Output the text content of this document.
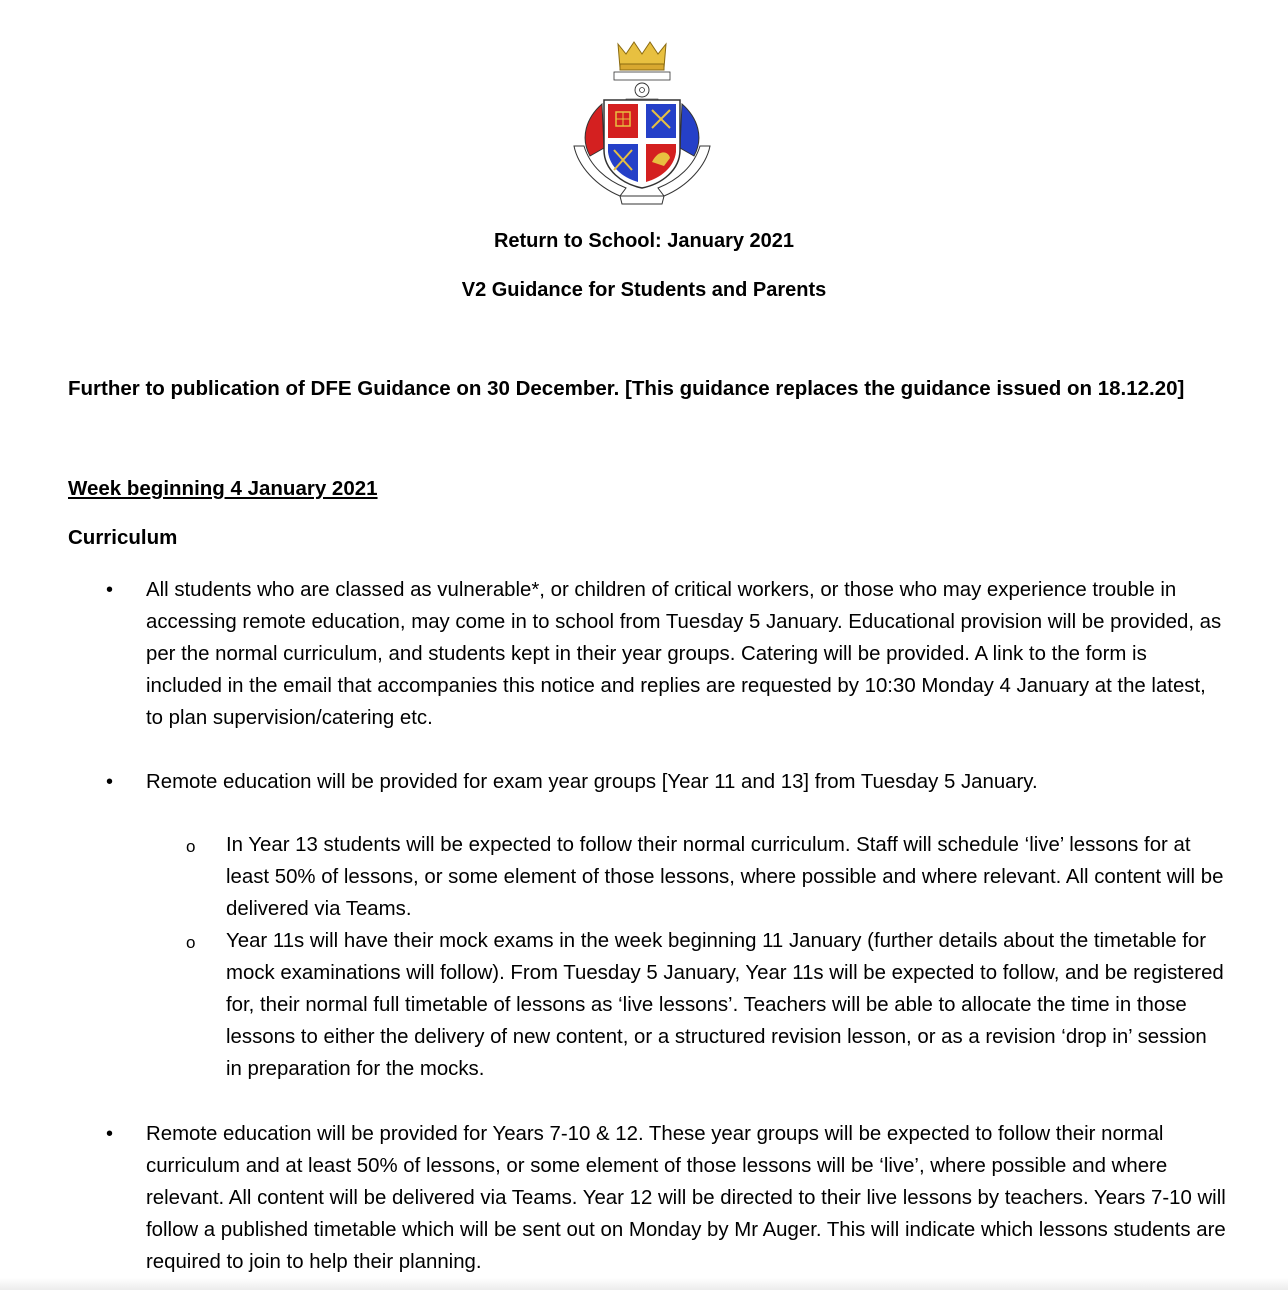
Return to School: January 2021
V2 Guidance for Students and Parents
Further to publication of DFE Guidance on 30 December. [This guidance replaces the guidance issued on 18.12.20]
Week beginning 4 January 2021
Curriculum
• All students who are classed as vulnerable*, or children of critical workers, or those who may experience trouble in accessing remote education, may come in to school from Tuesday 5 January. Educational provision will be provided, as per the normal curriculum, and students kept in their year groups. Catering will be provided. A link to the form is included in the email that accompanies this notice and replies are requested by 10:30 Monday 4 January at the latest, to plan supervision/catering etc.

• Remote education will be provided for exam year groups [Year 11 and 13] from Tuesday 5 January.

o In Year 13 students will be expected to follow their normal curriculum. Staff will schedule ‘live’ lessons for at least 50% of lessons, or some element of those lessons, where possible and where relevant. All content will be delivered via Teams.

o Year 11s will have their mock exams in the week beginning 11 January (further details about the timetable for mock examinations will follow). From Tuesday 5 January, Year 11s will be expected to follow, and be registered for, their normal full timetable of lessons as ‘live lessons’. Teachers will be able to allocate the time in those lessons to either the delivery of new content, or a structured revision lesson, or as a revision ‘drop in’ session in preparation for the mocks.

• Remote education will be provided for Years 7-10 & 12. These year groups will be expected to follow their normal curriculum and at least 50% of lessons, or some element of those lessons will be ‘live’, where possible and where relevant. All content will be delivered via Teams. Year 12 will be directed to their live lessons by teachers. Years 7-10 will follow a published timetable which will be sent out on Monday by Mr Auger. This will indicate which lessons students are required to join to help their planning.
